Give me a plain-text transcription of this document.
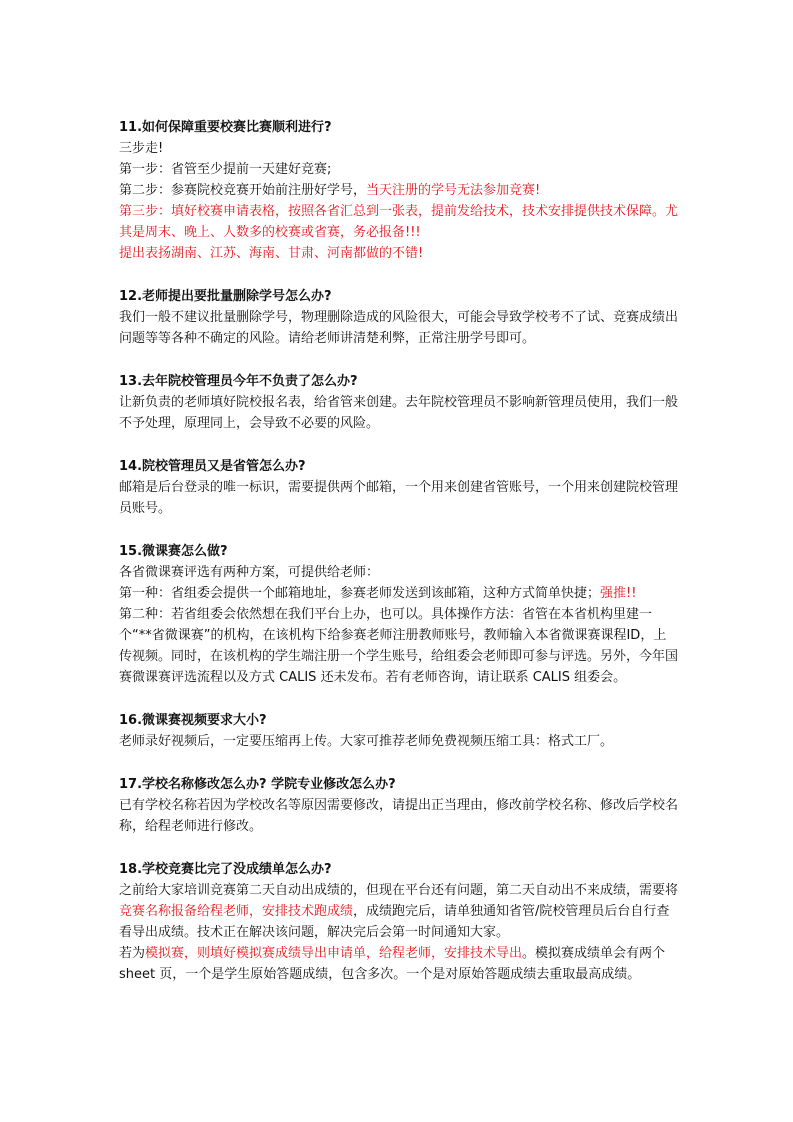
11.如何保障重要校赛比赛顺利进行?

三步走!

第一步：省管至少提前一天建好竞赛;

第二步：参赛院校竞赛开始前注册好学号，当天注册的学号无法参加竞赛!

第三步：填好校赛申请表格，按照各省汇总到一张表，提前发给技术，技术安排提供技术保障。尤其是周末、晚上、人数多的校赛或省赛，务必报备!!!

提出表扬湖南、江苏、海南、甘肃、河南都做的不错!

12.老师提出要批量删除学号怎么办?

我们一般不建议批量删除学号，物理删除造成的风险很大，可能会导致学校考不了试、竞赛成绩出问题等等各种不确定的风险。请给老师讲清楚利弊，正常注册学号即可。

13.去年院校管理员今年不负责了怎么办?

让新负责的老师填好院校报名表，给省管来创建。去年院校管理员不影响新管理员使用，我们一般不予处理，原理同上，会导致不必要的风险。

14.院校管理员又是省管怎么办?

邮箱是后台登录的唯一标识，需要提供两个邮箱，一个用来创建省管账号，一个用来创建院校管理员账号。

15.微课赛怎么做?

各省微课赛评选有两种方案，可提供给老师：

第一种：省组委会提供一个邮箱地址，参赛老师发送到该邮箱，这种方式简单快捷；强推!!

第二种：若省组委会依然想在我们平台上办，也可以。具体操作方法：省管在本省机构里建一个“**省微课赛”的机构，在该机构下给参赛老师注册教师账号，教师输入本省微课赛课程ID，上传视频。同时，在该机构的学生端注册一个学生账号，给组委会老师即可参与评选。另外，今年国赛微课赛评选流程以及方式 CALIS 还未发布。若有老师咨询，请让联系 CALIS 组委会。

16.微课赛视频要求大小?

老师录好视频后，一定要压缩再上传。大家可推荐老师免费视频压缩工具：格式工厂。

17.学校名称修改怎么办? 学院专业修改怎么办?

已有学校名称若因为学校改名等原因需要修改，请提出正当理由，修改前学校名称、修改后学校名称，给程老师进行修改。

18.学校竞赛比完了没成绩单怎么办?

之前给大家培训竞赛第二天自动出成绩的，但现在平台还有问题，第二天自动出不来成绩，需要将竞赛名称报备给程老师，安排技术跑成绩，成绩跑完后，请单独通知省管/院校管理员后台自行查看导出成绩。技术正在解决该问题，解决完后会第一时间通知大家。

若为模拟赛，则填好模拟赛成绩导出申请单，给程老师，安排技术导出。模拟赛成绩单会有两个 sheet 页，一个是学生原始答题成绩，包含多次。一个是对原始答题成绩去重取最高成绩。
